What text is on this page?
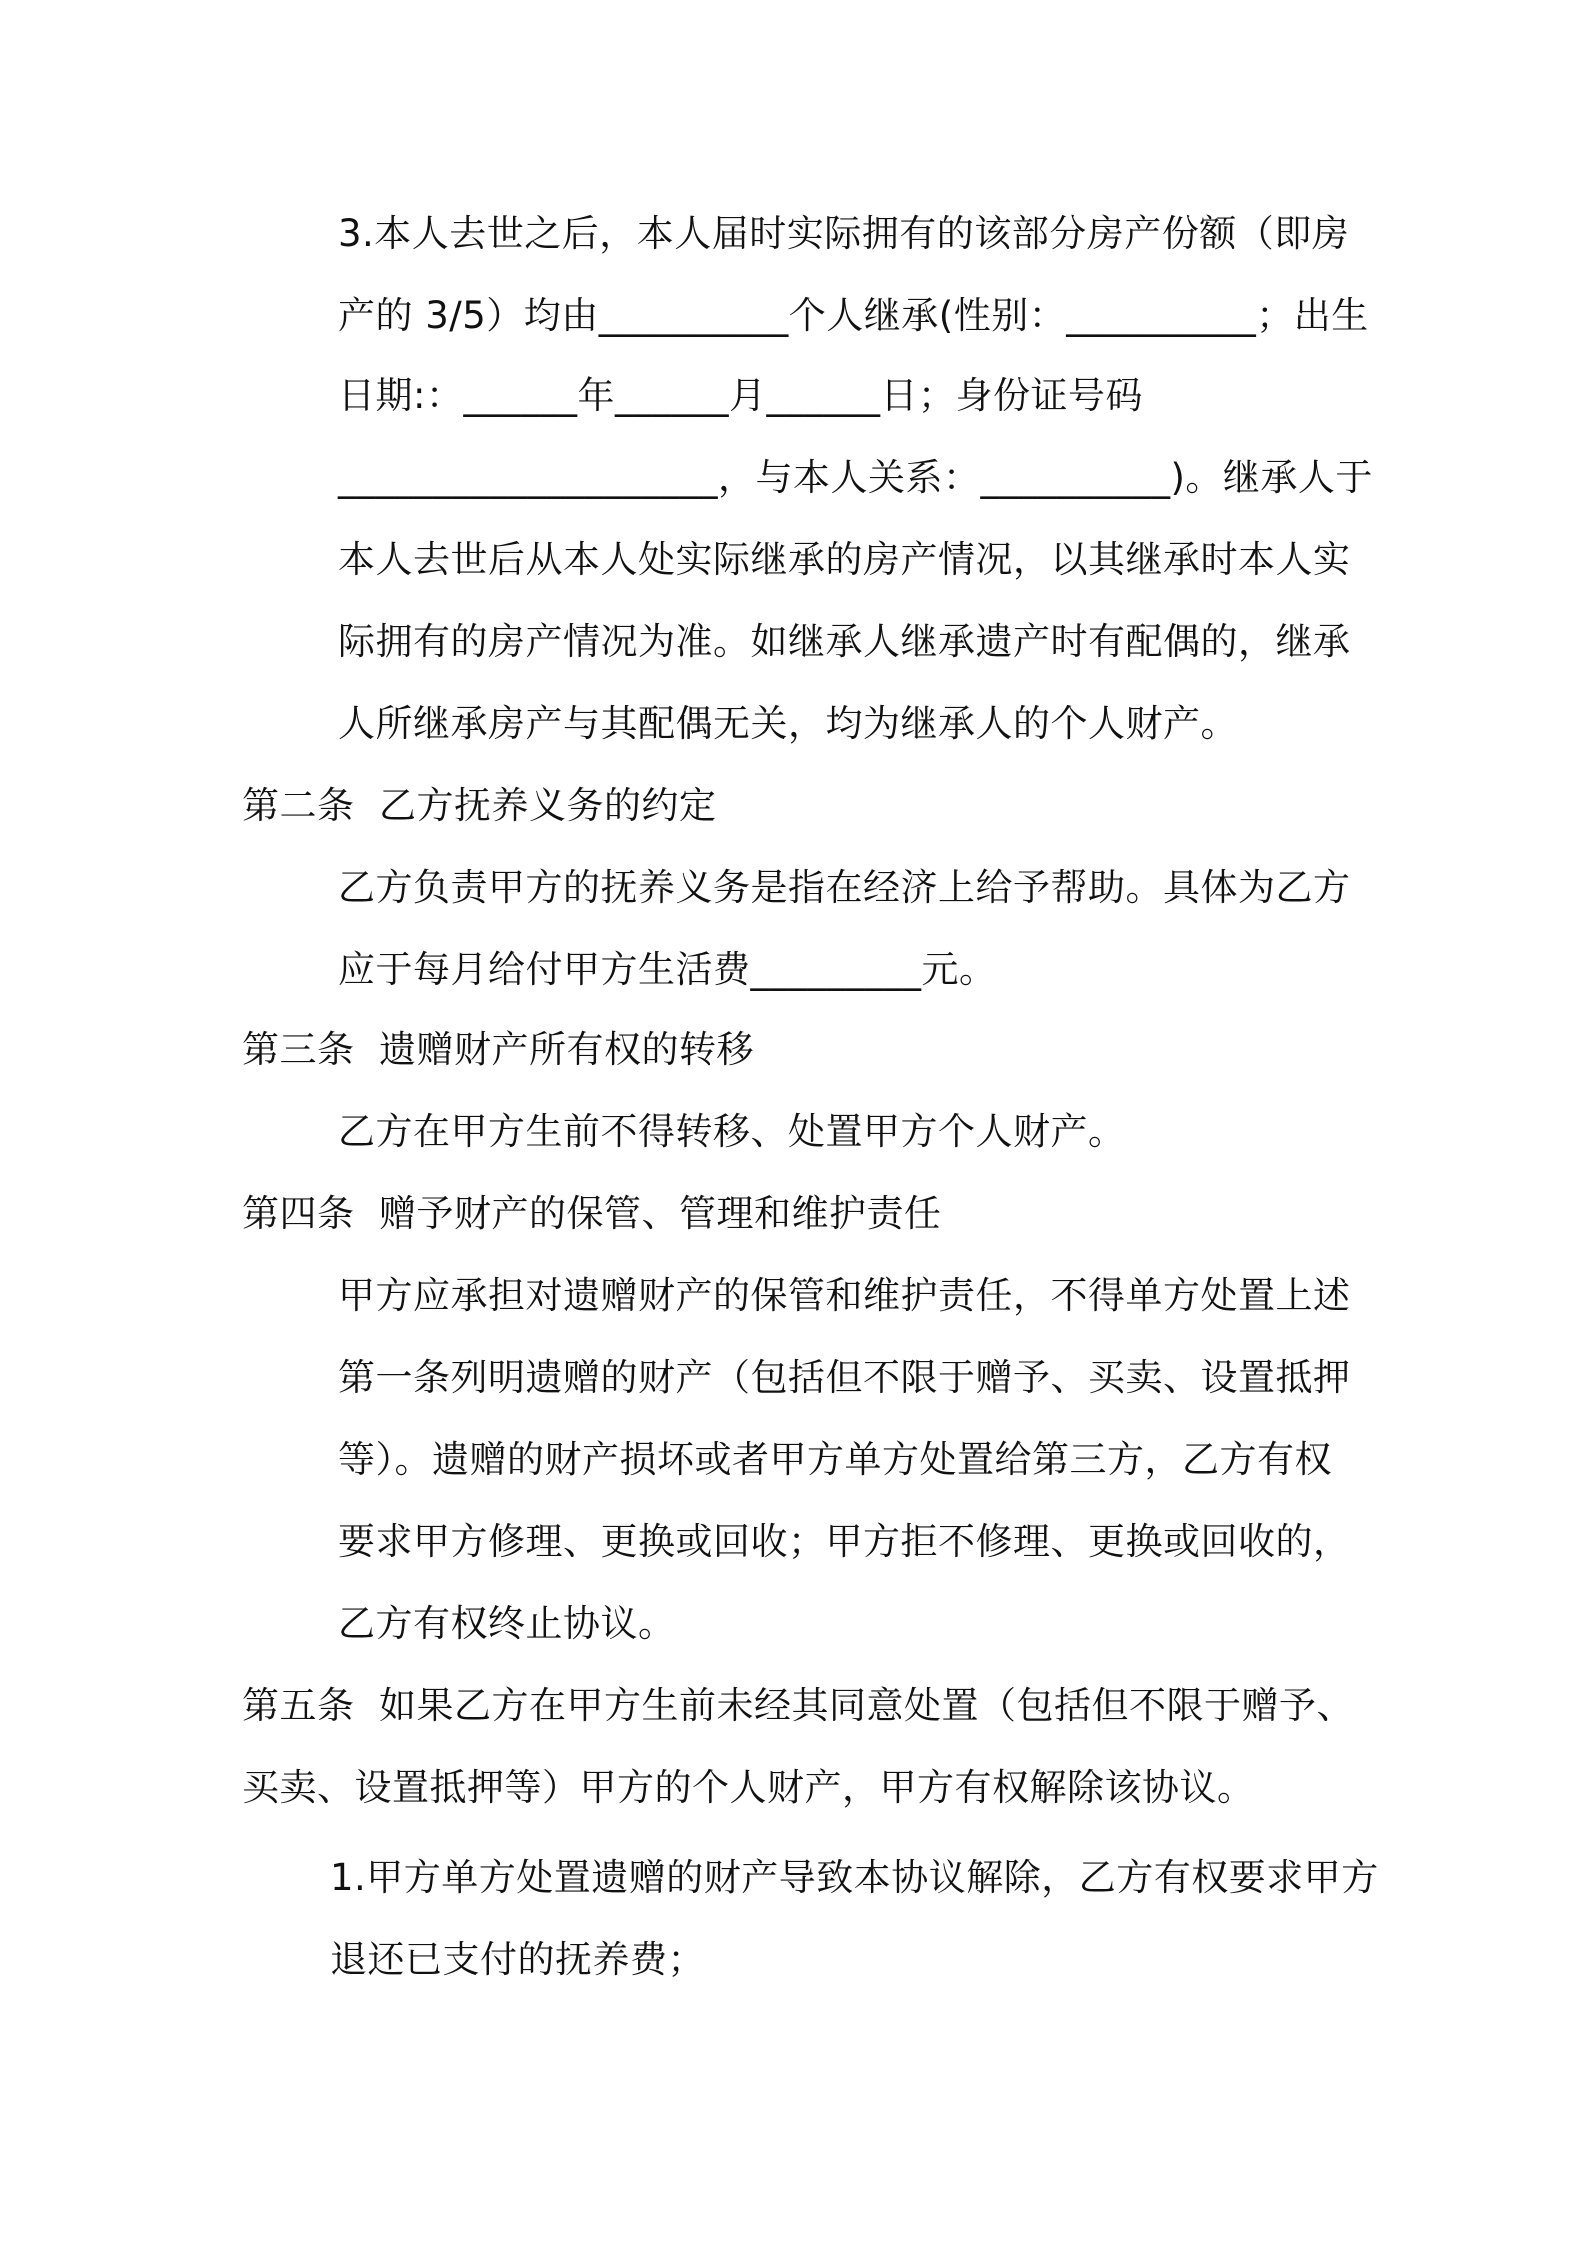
3.本人去世之后，本人届时实际拥有的该部分房产份额（即房
产的 3/5）均由__________个人继承(性别：__________；出生
日期:：______年______月______日；身份证号码
____________________，与本人关系：__________)。继承人于
本人去世后从本人处实际继承的房产情况，以其继承时本人实
际拥有的房产情况为准。如继承人继承遗产时有配偶的，继承
人所继承房产与其配偶无关，均为继承人的个人财产。
第二条  乙方抚养义务的约定
乙方负责甲方的抚养义务是指在经济上给予帮助。具体为乙方
应于每月给付甲方生活费_________元。
第三条  遗赠财产所有权的转移
乙方在甲方生前不得转移、处置甲方个人财产。
第四条  赠予财产的保管、管理和维护责任
甲方应承担对遗赠财产的保管和维护责任，不得单方处置上述
第一条列明遗赠的财产（包括但不限于赠予、买卖、设置抵押
等）。遗赠的财产损坏或者甲方单方处置给第三方，乙方有权
要求甲方修理、更换或回收；甲方拒不修理、更换或回收的，
乙方有权终止协议。
第五条  如果乙方在甲方生前未经其同意处置（包括但不限于赠予、
买卖、设置抵押等）甲方的个人财产，甲方有权解除该协议。
1.甲方单方处置遗赠的财产导致本协议解除，乙方有权要求甲方
退还已支付的抚养费；
